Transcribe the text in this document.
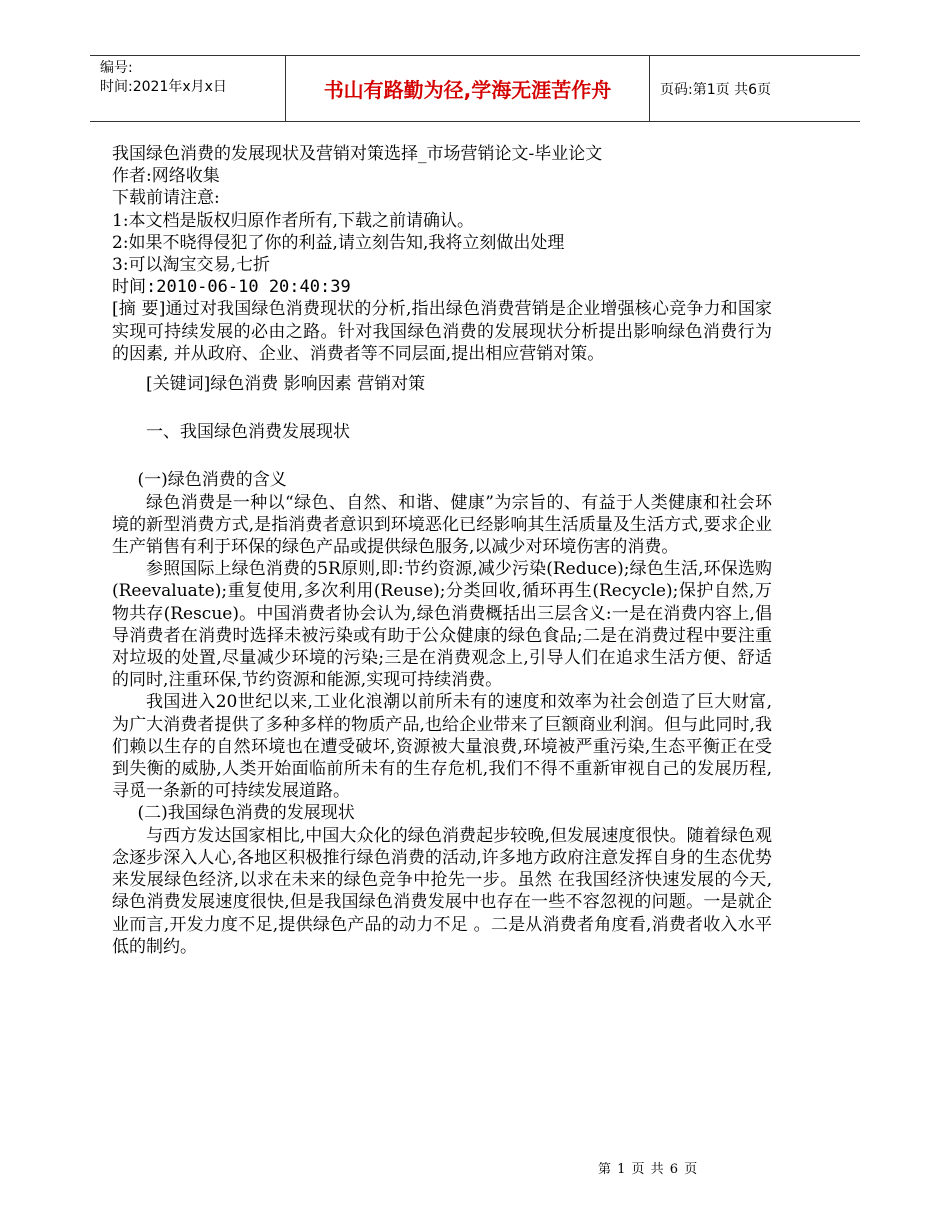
编号:
时间:2021年x月x日	书山有路勤为径,学海无涯苦作舟	页码:第1页 共6页

我国绿色消费的发展现状及营销对策选择_市场营销论文-毕业论文

作者:网络收集

下载前请注意:

1:本文档是版权归原作者所有,下载之前请确认。

2:如果不晓得侵犯了你的利益,请立刻告知,我将立刻做出处理

3:可以淘宝交易,七折

时间:2010-06-10 20:40:39

[摘 要]通过对我国绿色消费现状的分析,指出绿色消费营销是企业增强核心竞争力和国家实现可持续发展的必由之路。针对我国绿色消费的发展现状分析提出影响绿色消费行为的因素, 并从政府、企业、消费者等不同层面,提出相应营销对策。

[关键词]绿色消费 影响因素 营销对策

一、我国绿色消费发展现状

(一)绿色消费的含义

绿色消费是一种以“绿色、自然、和谐、健康”为宗旨的、有益于人类健康和社会环境的新型消费方式,是指消费者意识到环境恶化已经影响其生活质量及生活方式,要求企业生产销售有利于环保的绿色产品或提供绿色服务,以减少对环境伤害的消费。

参照国际上绿色消费的5R原则,即:节约资源,减少污染(Reduce);绿色生活,环保选购(Reevaluate);重复使用,多次利用(Reuse);分类回收,循环再生(Recycle);保护自然,万物共存(Rescue)。中国消费者协会认为,绿色消费概括出三层含义:一是在消费内容上,倡导消费者在消费时选择未被污染或有助于公众健康的绿色食品;二是在消费过程中要注重对垃圾的处置,尽量减少环境的污染;三是在消费观念上,引导人们在追求生活方便、舒适的同时,注重环保,节约资源和能源,实现可持续消费。

我国进入20世纪以来,工业化浪潮以前所未有的速度和效率为社会创造了巨大财富,为广大消费者提供了多种多样的物质产品,也给企业带来了巨额商业利润。但与此同时,我们赖以生存的自然环境也在遭受破坏,资源被大量浪费,环境被严重污染,生态平衡正在受到失衡的威胁,人类开始面临前所未有的生存危机,我们不得不重新审视自己的发展历程,寻觅一条新的可持续发展道路。

(二)我国绿色消费的发展现状

与西方发达国家相比,中国大众化的绿色消费起步较晚,但发展速度很快。随着绿色观念逐步深入人心,各地区积极推行绿色消费的活动,许多地方政府注意发挥自身的生态优势来发展绿色经济,以求在未来的绿色竞争中抢先一步。虽然 在我国经济快速发展的今天,绿色消费发展速度很快,但是我国绿色消费发展中也存在一些不容忽视的问题。一是就企业而言,开发力度不足,提供绿色产品的动力不足 。二是从消费者角度看,消费者收入水平低的制约。

第 1 页 共 6 页
